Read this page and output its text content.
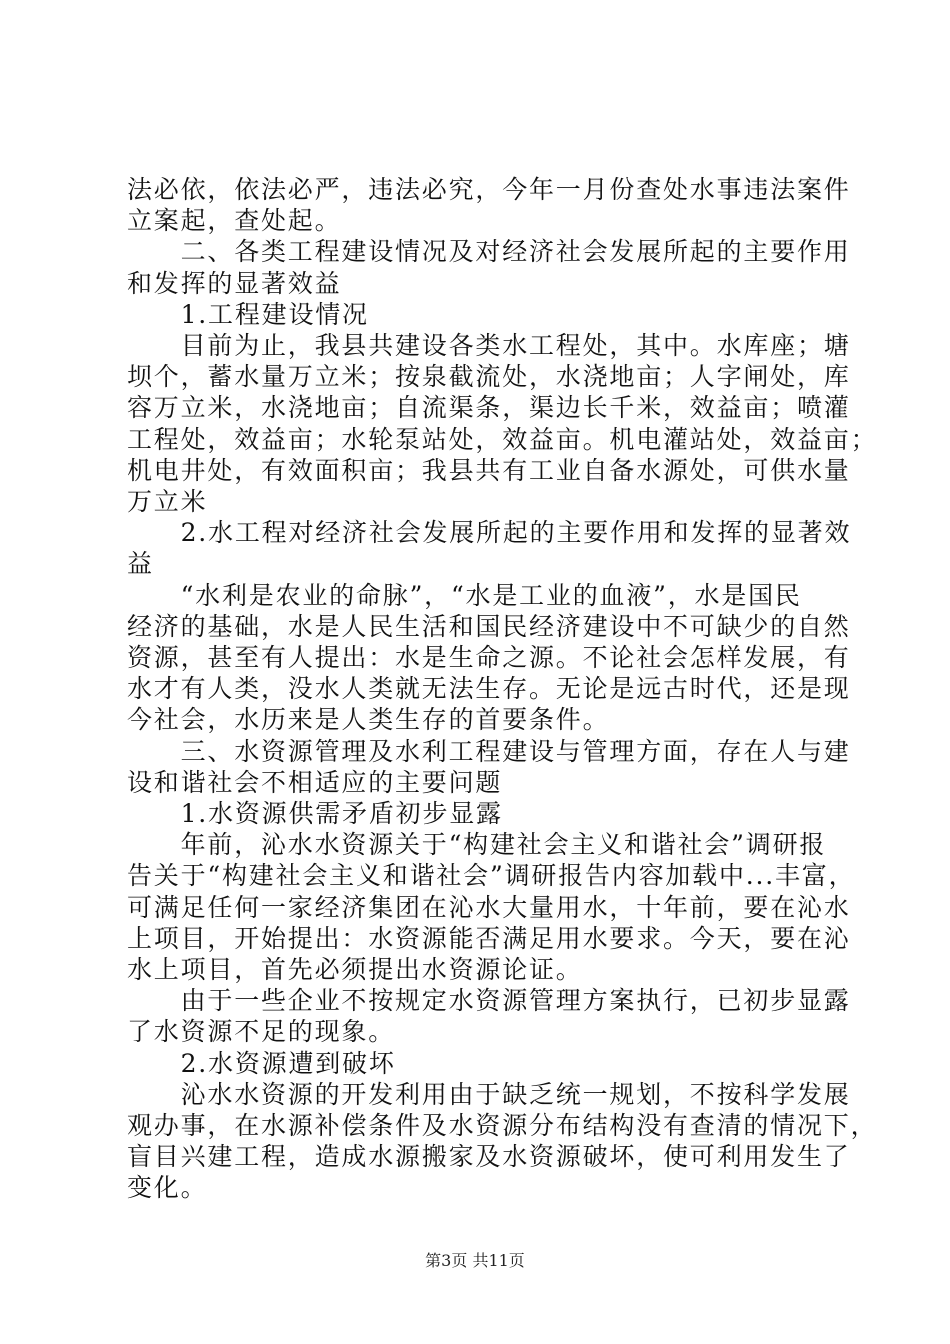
法必依，依法必严，违法必究，今年一月份查处水事违法案件
立案起，查处起。
　　二、各类工程建设情况及对经济社会发展所起的主要作用
和发挥的显著效益
　　1.工程建设情况
　　目前为止，我县共建设各类水工程处，其中。水库座；塘
坝个，蓄水量万立米；按泉截流处，水浇地亩；人字闸处，库
容万立米，水浇地亩；自流渠条，渠边长千米，效益亩；喷灌
工程处，效益亩；水轮泵站处，效益亩。机电灌站处，效益亩；
机电井处，有效面积亩；我县共有工业自备水源处，可供水量
万立米
　　2.水工程对经济社会发展所起的主要作用和发挥的显著效
益
　　“水利是农业的命脉”，“水是工业的血液”，水是国民
经济的基础，水是人民生活和国民经济建设中不可缺少的自然
资源，甚至有人提出：水是生命之源。不论社会怎样发展，有
水才有人类，没水人类就无法生存。无论是远古时代，还是现
今社会，水历来是人类生存的首要条件。
　　三、水资源管理及水利工程建设与管理方面，存在人与建
设和谐社会不相适应的主要问题
　　1.水资源供需矛盾初步显露
　　年前，沁水水资源关于“构建社会主义和谐社会”调研报
告关于“构建社会主义和谐社会”调研报告内容加载中...丰富，
可满足任何一家经济集团在沁水大量用水，十年前，要在沁水
上项目，开始提出：水资源能否满足用水要求。今天，要在沁
水上项目，首先必须提出水资源论证。
　　由于一些企业不按规定水资源管理方案执行，已初步显露
了水资源不足的现象。
　　2.水资源遭到破坏
　　沁水水资源的开发利用由于缺乏统一规划，不按科学发展
观办事，在水源补偿条件及水资源分布结构没有查清的情况下，
盲目兴建工程，造成水源搬家及水资源破坏，使可利用发生了
变化。
第3页 共11页
